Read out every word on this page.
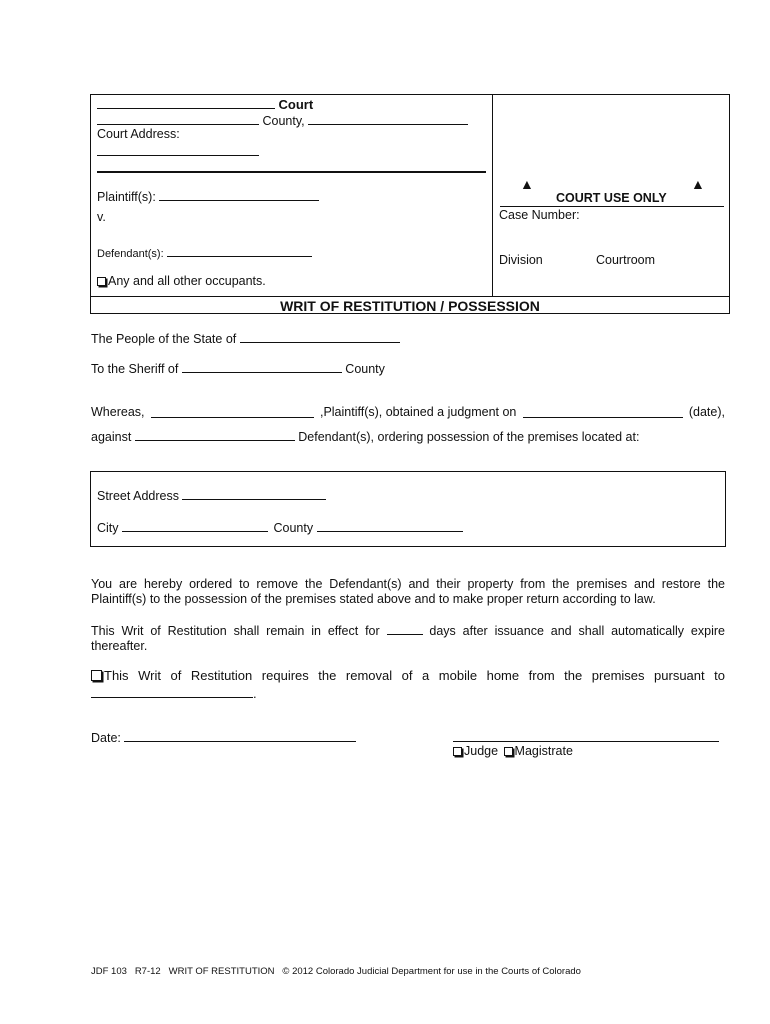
Court
County,
Court Address:
Plaintiff(s):
v.
Defendant(s):
Any and all other occupants.
▲	▲
COURT USE ONLY
Case Number:
Division	Courtroom
WRIT OF RESTITUTION / POSSESSION
The People of the State of
To the Sheriff of	County
Whereas,	,Plaintiff(s), obtained a judgment on	(date),
against	Defendant(s), ordering possession of the premises located at:
Street Address
City	County
You are hereby ordered to remove the Defendant(s) and their property from the premises and restore the Plaintiff(s) to the possession of the premises stated above and to make proper return according to law.
This Writ of Restitution shall remain in effect for	days after issuance and shall automatically expire thereafter.
This Writ of Restitution requires the removal of a mobile home from the premises pursuant to .
Date:
Judge Magistrate
JDF 103   R7-12   WRIT OF RESTITUTION   © 2012 Colorado Judicial Department for use in the Courts of Colorado
